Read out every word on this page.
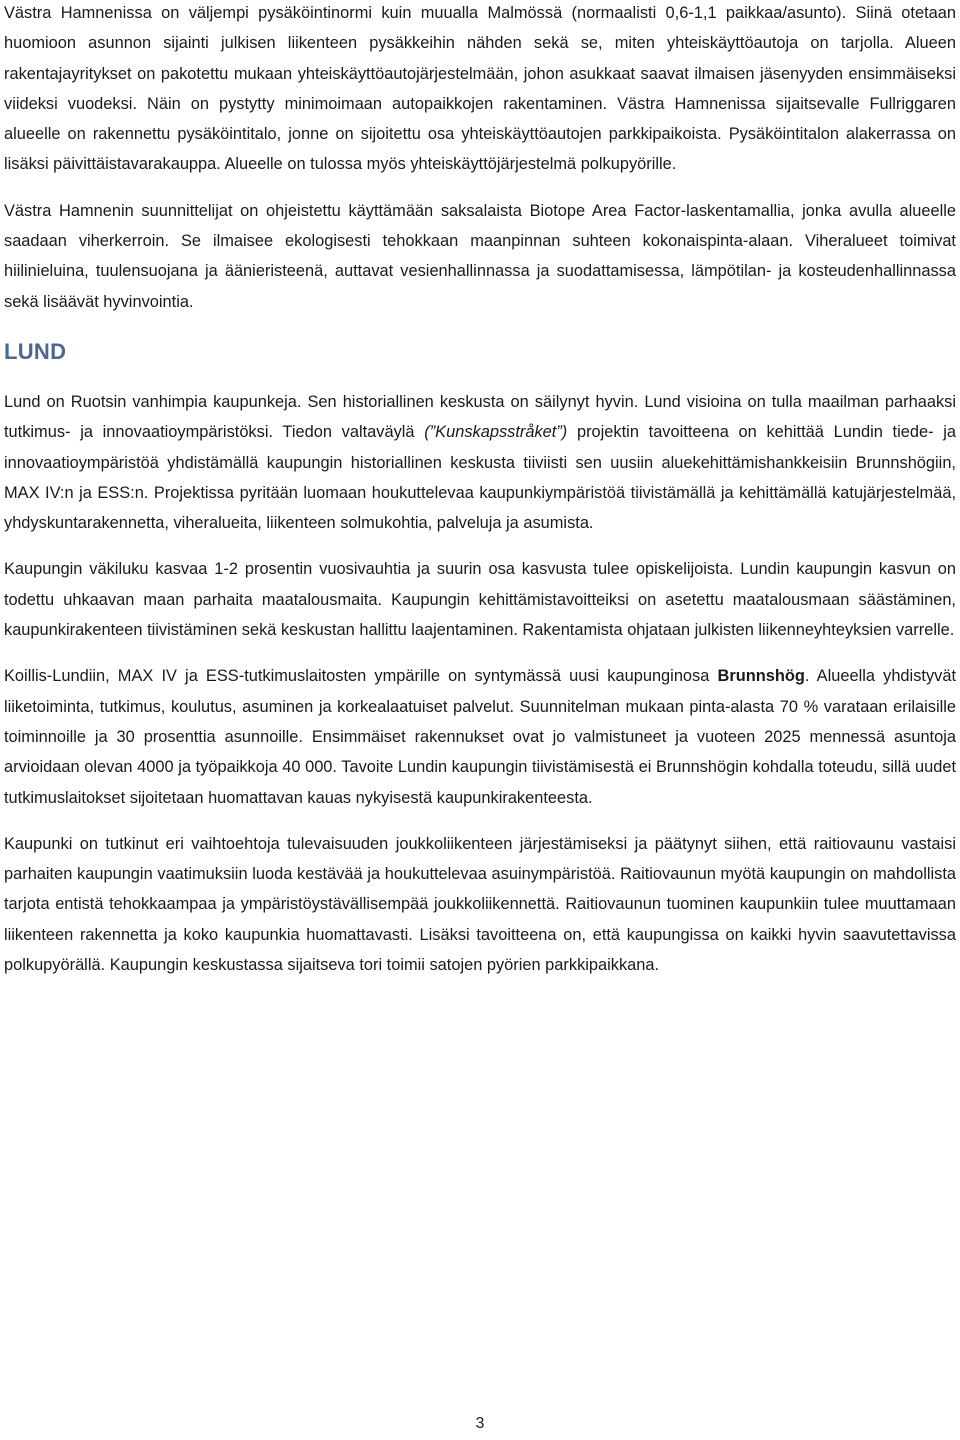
Västra Hamnenissa on väljempi pysäköintinormi kuin muualla Malmössä (normaalisti 0,6-1,1 paikkaa/asunto). Siinä otetaan huomioon asunnon sijainti julkisen liikenteen pysäkkeihin nähden sekä se, miten yhteiskäyttöautoja on tarjolla. Alueen rakentajayritykset on pakotettu mukaan yhteiskäyttöautojärjestelmään, johon asukkaat saavat ilmaisen jäsenyyden ensimmäiseksi viideksi vuodeksi. Näin on pystytty minimoimaan autopaikkojen rakentaminen. Västra Hamnenissa sijaitsevalle Fullriggaren alueelle on rakennettu pysäköintitalo, jonne on sijoitettu osa yhteiskäyttöautojen parkkipaikoista. Pysäköintitalon alakerrassa on lisäksi päivittäistavarakauppa. Alueelle on tulossa myös yhteiskäyttöjärjestelmä polkupyörille.

Västra Hamnenin suunnittelijat on ohjeistettu käyttämään saksalaista Biotope Area Factor-laskentamallia, jonka avulla alueelle saadaan viherkerroin. Se ilmaisee ekologisesti tehokkaan maanpinnan suhteen kokonaispinta-alaan. Viheralueet toimivat hiilinieluina, tuulensuojana ja äänieristeenä, auttavat vesienhallinnassa ja suodattamisessa, lämpötilan- ja kosteudenhallinnassa sekä lisäävät hyvinvointia.

LUND

Lund on Ruotsin vanhimpia kaupunkeja. Sen historiallinen keskusta on säilynyt hyvin. Lund visioina on tulla maailman parhaaksi tutkimus- ja innovaatioympäristöksi. Tiedon valtaväylä (”Kunskapsstråket”) projektin tavoitteena on kehittää Lundin tiede- ja innovaatioympäristöä yhdistämällä kaupungin historiallinen keskusta tiiviisti sen uusiin aluekehittämishankkeisiin Brunnshögiin, MAX IV:n ja ESS:n. Projektissa pyritään luomaan houkuttelevaa kaupunkiympäristöä tiivistämällä ja kehittämällä katujärjestelmää, yhdyskuntarakennetta, viheralueita, liikenteen solmukohtia, palveluja ja asumista.

Kaupungin väkiluku kasvaa 1-2 prosentin vuosivauhtia ja suurin osa kasvusta tulee opiskelijoista. Lundin kaupungin kasvun on todettu uhkaavan maan parhaita maatalousmaita. Kaupungin kehittämistavoitteiksi on asetettu maatalousmaan säästäminen, kaupunkirakenteen tiivistäminen sekä keskustan hallittu laajentaminen. Rakentamista ohjataan julkisten liikenneyhteyksien varrelle.

Koillis-Lundiin, MAX IV ja ESS-tutkimuslaitosten ympärille on syntymässä uusi kaupunginosa Brunnshög. Alueella yhdistyvät liiketoiminta, tutkimus, koulutus, asuminen ja korkealaatuiset palvelut. Suunnitelman mukaan pinta-alasta 70 % varataan erilaisille toiminnoille ja 30 prosenttia asunnoille. Ensimmäiset rakennukset ovat jo valmistuneet ja vuoteen 2025 mennessä asuntoja arvioidaan olevan 4000 ja työpaikkoja 40 000. Tavoite Lundin kaupungin tiivistämisestä ei Brunnshögin kohdalla toteudu, sillä uudet tutkimuslaitokset sijoitetaan huomattavan kauas nykyisestä kaupunkirakenteesta.

Kaupunki on tutkinut eri vaihtoehtoja tulevaisuuden joukkoliikenteen järjestämiseksi ja päätynyt siihen, että raitiovaunu vastaisi parhaiten kaupungin vaatimuksiin luoda kestävää ja houkuttelevaa asuinympäristöä. Raitiovaunun myötä kaupungin on mahdollista tarjota entistä tehokkaampaa ja ympäristöystävällisempää joukkoliikennettä. Raitiovaunun tuominen kaupunkiin tulee muuttamaan liikenteen rakennetta ja koko kaupunkia huomattavasti. Lisäksi tavoitteena on, että kaupungissa on kaikki hyvin saavutettavissa polkupyörällä. Kaupungin keskustassa sijaitseva tori toimii satojen pyörien parkkipaikkana.

3
